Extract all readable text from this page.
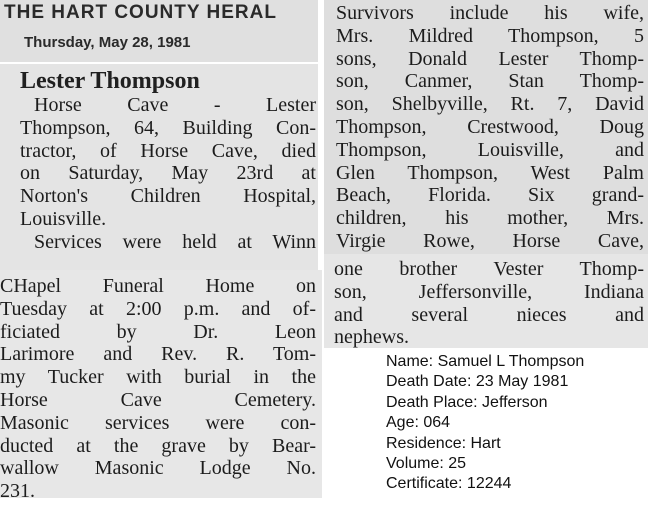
THE HART COUNTY HERAL
Thursday, May 28, 1981
Lester Thompson
Horse Cave - Lester
Thompson, 64, Building Con-
tractor, of Horse Cave, died
on Saturday, May 23rd at
Norton's Children Hospital,
Louisville.
Services were held at Winn
CHapel Funeral Home on
Tuesday at 2:00 p.m. and of-
ficiated by Dr. Leon
Larimore and Rev. R. Tom-
my Tucker with burial in the
Horse Cave Cemetery.
Masonic services were con-
ducted at the grave by Bear-
wallow Masonic Lodge No.
231.
Survivors include his wife,
Mrs. Mildred Thompson, 5
sons, Donald Lester Thomp-
son, Canmer, Stan Thomp-
son, Shelbyville, Rt. 7, David
Thompson, Crestwood, Doug
Thompson, Louisville, and
Glen Thompson, West Palm
Beach, Florida. Six grand-
children, his mother, Mrs.
Virgie Rowe, Horse Cave,
one brother Vester Thomp-
son, Jeffersonville, Indiana
and several nieces and
nephews.
Name: Samuel L Thompson
Death Date: 23 May 1981
Death Place: Jefferson
Age: 064
Residence: Hart
Volume: 25
Certificate: 12244
